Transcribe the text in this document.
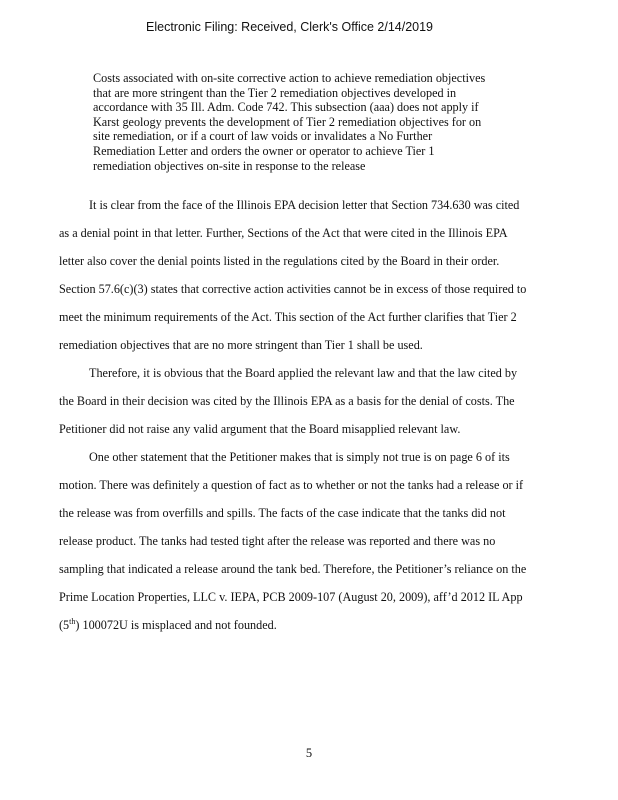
Electronic Filing: Received, Clerk's Office 2/14/2019
Costs associated with on-site corrective action to achieve remediation objectives
that are more stringent than the Tier 2 remediation objectives developed in
accordance with 35 Ill. Adm. Code 742. This subsection (aaa) does not apply if
Karst geology prevents the development of Tier 2 remediation objectives for on
site remediation, or if a court of law voids or invalidates a No Further
Remediation Letter and orders the owner or operator to achieve Tier 1
remediation objectives on-site in response to the release
It is clear from the face of the Illinois EPA decision letter that Section 734.630 was cited
as a denial point in that letter. Further, Sections of the Act that were cited in the Illinois EPA
letter also cover the denial points listed in the regulations cited by the Board in their order.
Section 57.6(c)(3) states that corrective action activities cannot be in excess of those required to
meet the minimum requirements of the Act. This section of the Act further clarifies that Tier 2
remediation objectives that are no more stringent than Tier 1 shall be used.
Therefore, it is obvious that the Board applied the relevant law and that the law cited by
the Board in their decision was cited by the Illinois EPA as a basis for the denial of costs. The
Petitioner did not raise any valid argument that the Board misapplied relevant law.
One other statement that the Petitioner makes that is simply not true is on page 6 of its
motion. There was definitely a question of fact as to whether or not the tanks had a release or if
the release was from overfills and spills. The facts of the case indicate that the tanks did not
release product. The tanks had tested tight after the release was reported and there was no
sampling that indicated a release around the tank bed. Therefore, the Petitioner’s reliance on the
Prime Location Properties, LLC v. IEPA, PCB 2009-107 (August 20, 2009), aff’d 2012 IL App
(5th) 100072U is misplaced and not founded.
5
